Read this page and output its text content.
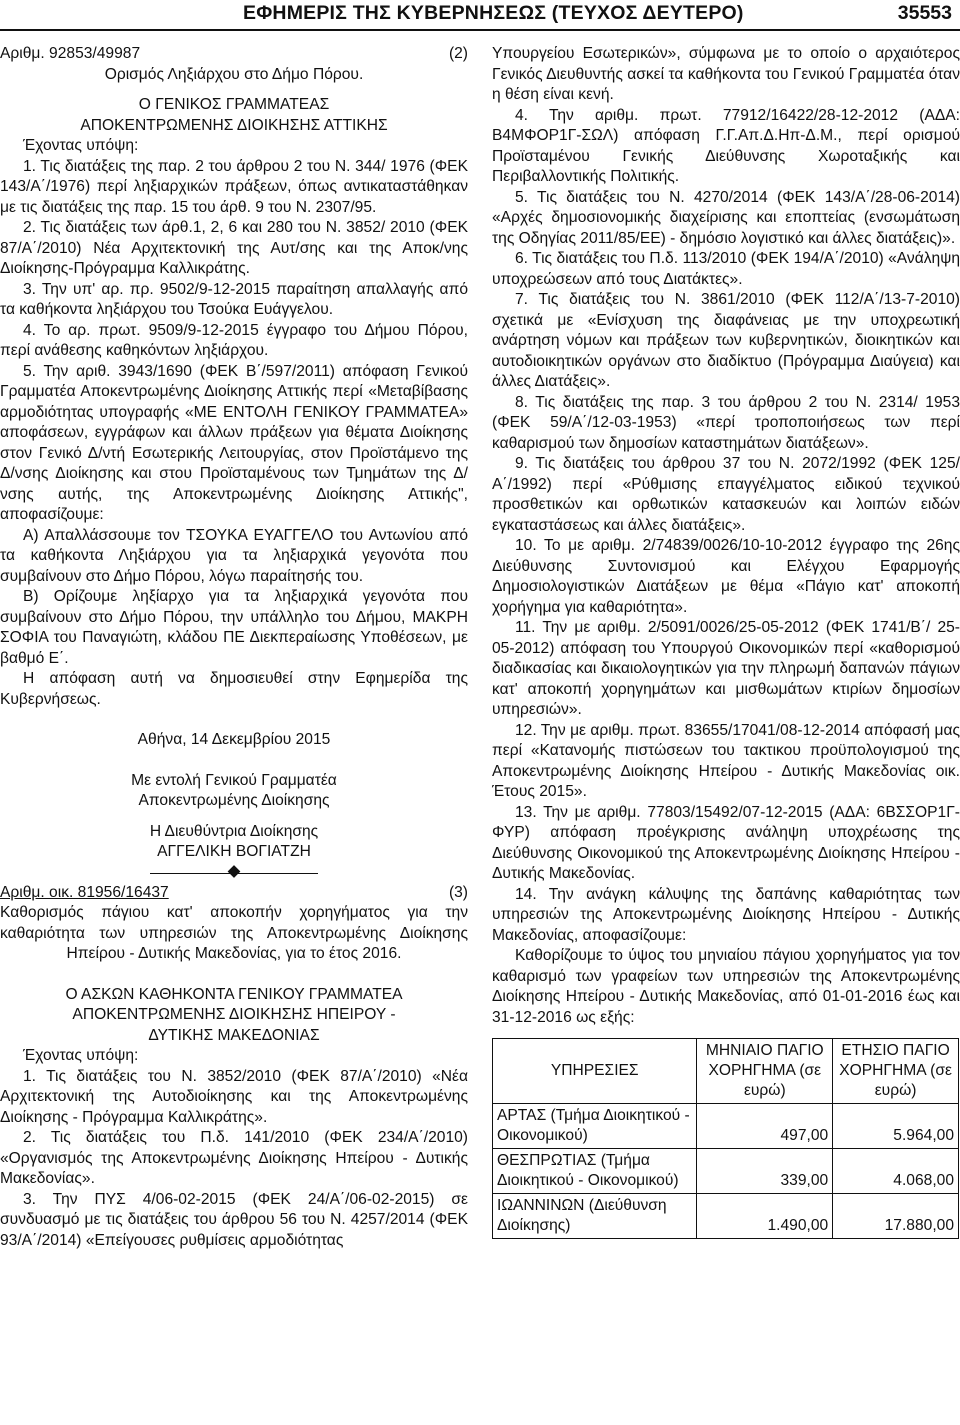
ΕΦΗΜΕΡΙΣ ΤΗΣ ΚΥΒΕΡΝΗΣΕΩΣ (ΤΕΥΧΟΣ ΔΕΥΤΕΡΟ)	35553
Αριθμ. 92853/49987	(2)

Ορισμός Ληξιάρχου στο Δήμο Πόρου.

Ο ΓΕΝΙΚΟΣ ΓΡΑΜΜΑΤΕΑΣ

ΑΠΟΚΕΝΤΡΩΜΕΝΗΣ ΔΙΟΙΚΗΣΗΣ ΑΤΤΙΚΗΣ

Έχοντας υπόψη:

1. Τις διατάξεις της παρ. 2 του άρθρου 2 του Ν. 344/ 1976 (ΦΕΚ 143/Α΄/1976) περί ληξιαρχικών πράξεων, όπως αντικαταστάθηκαν με τις διατάξεις της παρ. 15 του άρθ. 9 του Ν. 2307/95.

2. Τις διατάξεις των άρθ.1, 2, 6 και 280 του Ν. 3852/ 2010 (ΦΕΚ 87/Α΄/2010) Νέα Αρχιτεκτονική της Αυτ/σης και της Αποκ/νης Διοίκησης-Πρόγραμμα Καλλικράτης.

3. Την υπ' αρ. πρ. 9502/9-12-2015 παραίτηση απαλλαγής από τα καθήκοντα ληξιάρχου του Τσούκα Ευάγγελου.

4. Το αρ. πρωτ. 9509/9-12-2015 έγγραφο του Δήμου Πόρου, περί ανάθεσης καθηκόντων ληξιάρχου.

5. Την αριθ. 3943/1690 (ΦΕΚ Β΄/597/2011) απόφαση Γενικού Γραμματέα Αποκεντρωμένης Διοίκησης Αττικής περί «Μεταβίβασης αρμοδιότητας υπογραφής «ΜΕ ΕΝΤΟΛΗ ΓΕΝΙΚΟΥ ΓΡΑΜΜΑΤΕΑ» αποφάσεων, εγγράφων και άλλων πράξεων για θέματα Διοίκησης στον Γενικό Δ/ντή Εσωτερικής Λειτουργίας, στον Προϊστάμενο της Δ/νσης Διοίκησης και στου Προϊσταμένους των Τμημάτων της Δ/νσης αυτής, της Αποκεντρωμένης Διοίκησης Αττικής", αποφασίζουμε:

Α) Απαλλάσσουμε τον ΤΣΟΥΚΑ ΕΥΑΓΓΕΛΟ του Αντωνίου από τα καθήκοντα Ληξιάρχου για τα ληξιαρχικά γεγονότα που συμβαίνουν στο Δήμο Πόρου, λόγω παραίτησής του.

Β) Ορίζουμε ληξίαρχο για τα ληξιαρχικά γεγονότα που συμβαίνουν στο Δήμο Πόρου, την υπάλληλο του Δήμου, ΜΑΚΡΗ ΣΟΦΙΑ του Παναγιώτη, κλάδου ΠΕ Διεκπεραίωσης Υποθέσεων, με βαθμό Ε΄.

Η απόφαση αυτή να δημοσιευθεί στην Εφημερίδα της Κυβερνήσεως.

Αθήνα, 14 Δεκεμβρίου 2015

Με εντολή Γενικού Γραμματέα

Αποκεντρωμένης Διοίκησης

Η Διευθύντρια Διοίκησης

ΑΓΓΕΛΙΚΗ ΒΟΓΙΑΤΖΗ

Αριθμ. οικ. 81956/16437	(3)

Καθορισμός πάγιου κατ' αποκοπήν χορηγήματος για την καθαριότητα των υπηρεσιών της Αποκεντρωμένης Διοίκησης Ηπείρου - Δυτικής Μακεδονίας, για το έτος 2016.

Ο ΑΣΚΩΝ ΚΑΘΗΚΟΝΤΑ ΓΕΝΙΚΟΥ ΓΡΑΜΜΑΤΕΑ

ΑΠΟΚΕΝΤΡΩΜΕΝΗΣ ΔΙΟΙΚΗΣΗΣ ΗΠΕΙΡΟΥ -

ΔΥΤΙΚΗΣ ΜΑΚΕΔΟΝΙΑΣ

Έχοντας υπόψη:

1. Τις διατάξεις του Ν. 3852/2010 (ΦΕΚ 87/Α΄/2010) «Νέα Αρχιτεκτονική της Αυτοδιοίκησης και της Αποκεντρωμένης Διοίκησης - Πρόγραμμα Καλλικράτης».

2. Τις διατάξεις του Π.δ. 141/2010 (ΦΕΚ 234/Α΄/2010) «Οργανισμός της Αποκεντρωμένης Διοίκησης Ηπείρου - Δυτικής Μακεδονίας».

3. Την ΠΥΣ 4/06-02-2015 (ΦΕΚ 24/Α΄/06-02-2015) σε συνδυασμό με τις διατάξεις του άρθρου 56 του Ν. 4257/2014 (ΦΕΚ 93/Α΄/2014) «Επείγουσες ρυθμίσεις αρμοδιότητας

Υπουργείου Εσωτερικών», σύμφωνα με το οποίο ο αρχαιότερος Γενικός Διευθυντής ασκεί τα καθήκοντα του Γενικού Γραμματέα όταν η θέση είναι κενή.

4. Την αριθμ. πρωτ. 77912/16422/28-12-2012 (ΑΔΑ: Β4ΜΦΟΡ1Γ-ΣΩΛ) απόφαση Γ.Γ.Απ.Δ.Ηπ-Δ.Μ., περί ορισμού Προϊσταμένου Γενικής Διεύθυνσης Χωροταξικής και Περιβαλλοντικής Πολιτικής.

5. Τις διατάξεις του Ν. 4270/2014 (ΦΕΚ 143/Α΄/28-06-2014) «Αρχές δημοσιονομικής διαχείρισης και εποπτείας (ενσωμάτωση της Οδηγίας 2011/85/ΕΕ) - δημόσιο λογιστικό και άλλες διατάξεις)».

6. Τις διατάξεις του Π.δ. 113/2010 (ΦΕΚ 194/Α΄/2010) «Ανάληψη υποχρεώσεων από τους Διατάκτες».

7. Τις διατάξεις του Ν. 3861/2010 (ΦΕΚ 112/Α΄/13-7-2010) σχετικά με «Ενίσχυση της διαφάνειας με την υποχρεωτική ανάρτηση νόμων και πράξεων των κυβερνητικών, διοικητικών και αυτοδιοικητικών οργάνων στο διαδίκτυο (Πρόγραμμα Διαύγεια) και άλλες Διατάξεις».

8. Τις διατάξεις της παρ. 3 του άρθρου 2 του Ν. 2314/ 1953 (ΦΕΚ 59/Α΄/12-03-1953) «περί τροποποιήσεως των περί καθαρισμού των δημοσίων καταστημάτων διατάξεων».

9. Τις διατάξεις του άρθρου 37 του Ν. 2072/1992 (ΦΕΚ 125/Α΄/1992) περί «Ρύθμισης επαγγέλματος ειδικού τεχνικού προσθετικών και ορθωτικών κατασκευών και λοιπών ειδών εγκαταστάσεως και άλλες διατάξεις».

10. Το με αριθμ. 2/74839/0026/10-10-2012 έγγραφο της 26ης Διεύθυνσης Συντονισμού και Ελέγχου Εφαρμογής Δημοσιολογιστικών Διατάξεων με θέμα «Πάγιο κατ' αποκοπή χορήγημα για καθαριότητα».

11. Την με αριθμ. 2/5091/0026/25-05-2012 (ΦΕΚ 1741/Β΄/ 25-05-2012) απόφαση του Υπουργού Οικονομικών περί «καθορισμού διαδικασίας και δικαιολογητικών για την πληρωμή δαπανών πάγιων κατ' αποκοπή χορηγημάτων και μισθωμάτων κτιρίων δημοσίων υπηρεσιών».

12. Την με αριθμ. πρωτ. 83655/17041/08-12-2014 απόφασή μας περί «Κατανομής πιστώσεων του τακτικου προϋπολογισμού της Αποκεντρωμένης Διοίκησης Ηπείρου - Δυτικής Μακεδονίας οικ. Έτους 2015».

13. Την με αριθμ. 77803/15492/07-12-2015 (ΑΔΑ: 6ΒΣΣΟΡ1Γ-ΦΥΡ) απόφαση προέγκρισης ανάληψη υποχρέωσης της Διεύθυνσης Οικονομικού της Αποκεντρωμένης Διοίκησης Ηπείρου - Δυτικής Μακεδονίας.

14. Την ανάγκη κάλυψης της δαπάνης καθαριότητας των υπηρεσιών της Αποκεντρωμένης Διοίκησης Ηπείρου - Δυτικής Μακεδονίας, αποφασίζουμε:

Καθορίζουμε το ύψος του μηνιαίου πάγιου χορηγήματος για τον καθαρισμό των γραφείων των υπηρεσιών της Αποκεντρωμένης Διοίκησης Ηπείρου - Δυτικής Μακεδονίας, από 01-01-2016 έως και 31-12-2016 ως εξής:

ΥΠΗΡΕΣΙΕΣ	ΜΗΝΙΑΙΟ ΠΑΓΙΟ ΧΟΡΗΓΗΜΑ (σε ευρώ)	ΕΤΗΣΙΟ ΠΑΓΙΟ ΧΟΡΗΓΗΜΑ (σε ευρώ)
ΑΡΤΑΣ (Τμήμα Διοικητικού - Οικονομικού)	497,00	5.964,00
ΘΕΣΠΡΩΤΙΑΣ (Τμήμα Διοικητικού - Οικονομικού)	339,00	4.068,00
ΙΩΑΝΝΙΝΩΝ (Διεύθυνση Διοίκησης)	1.490,00	17.880,00
